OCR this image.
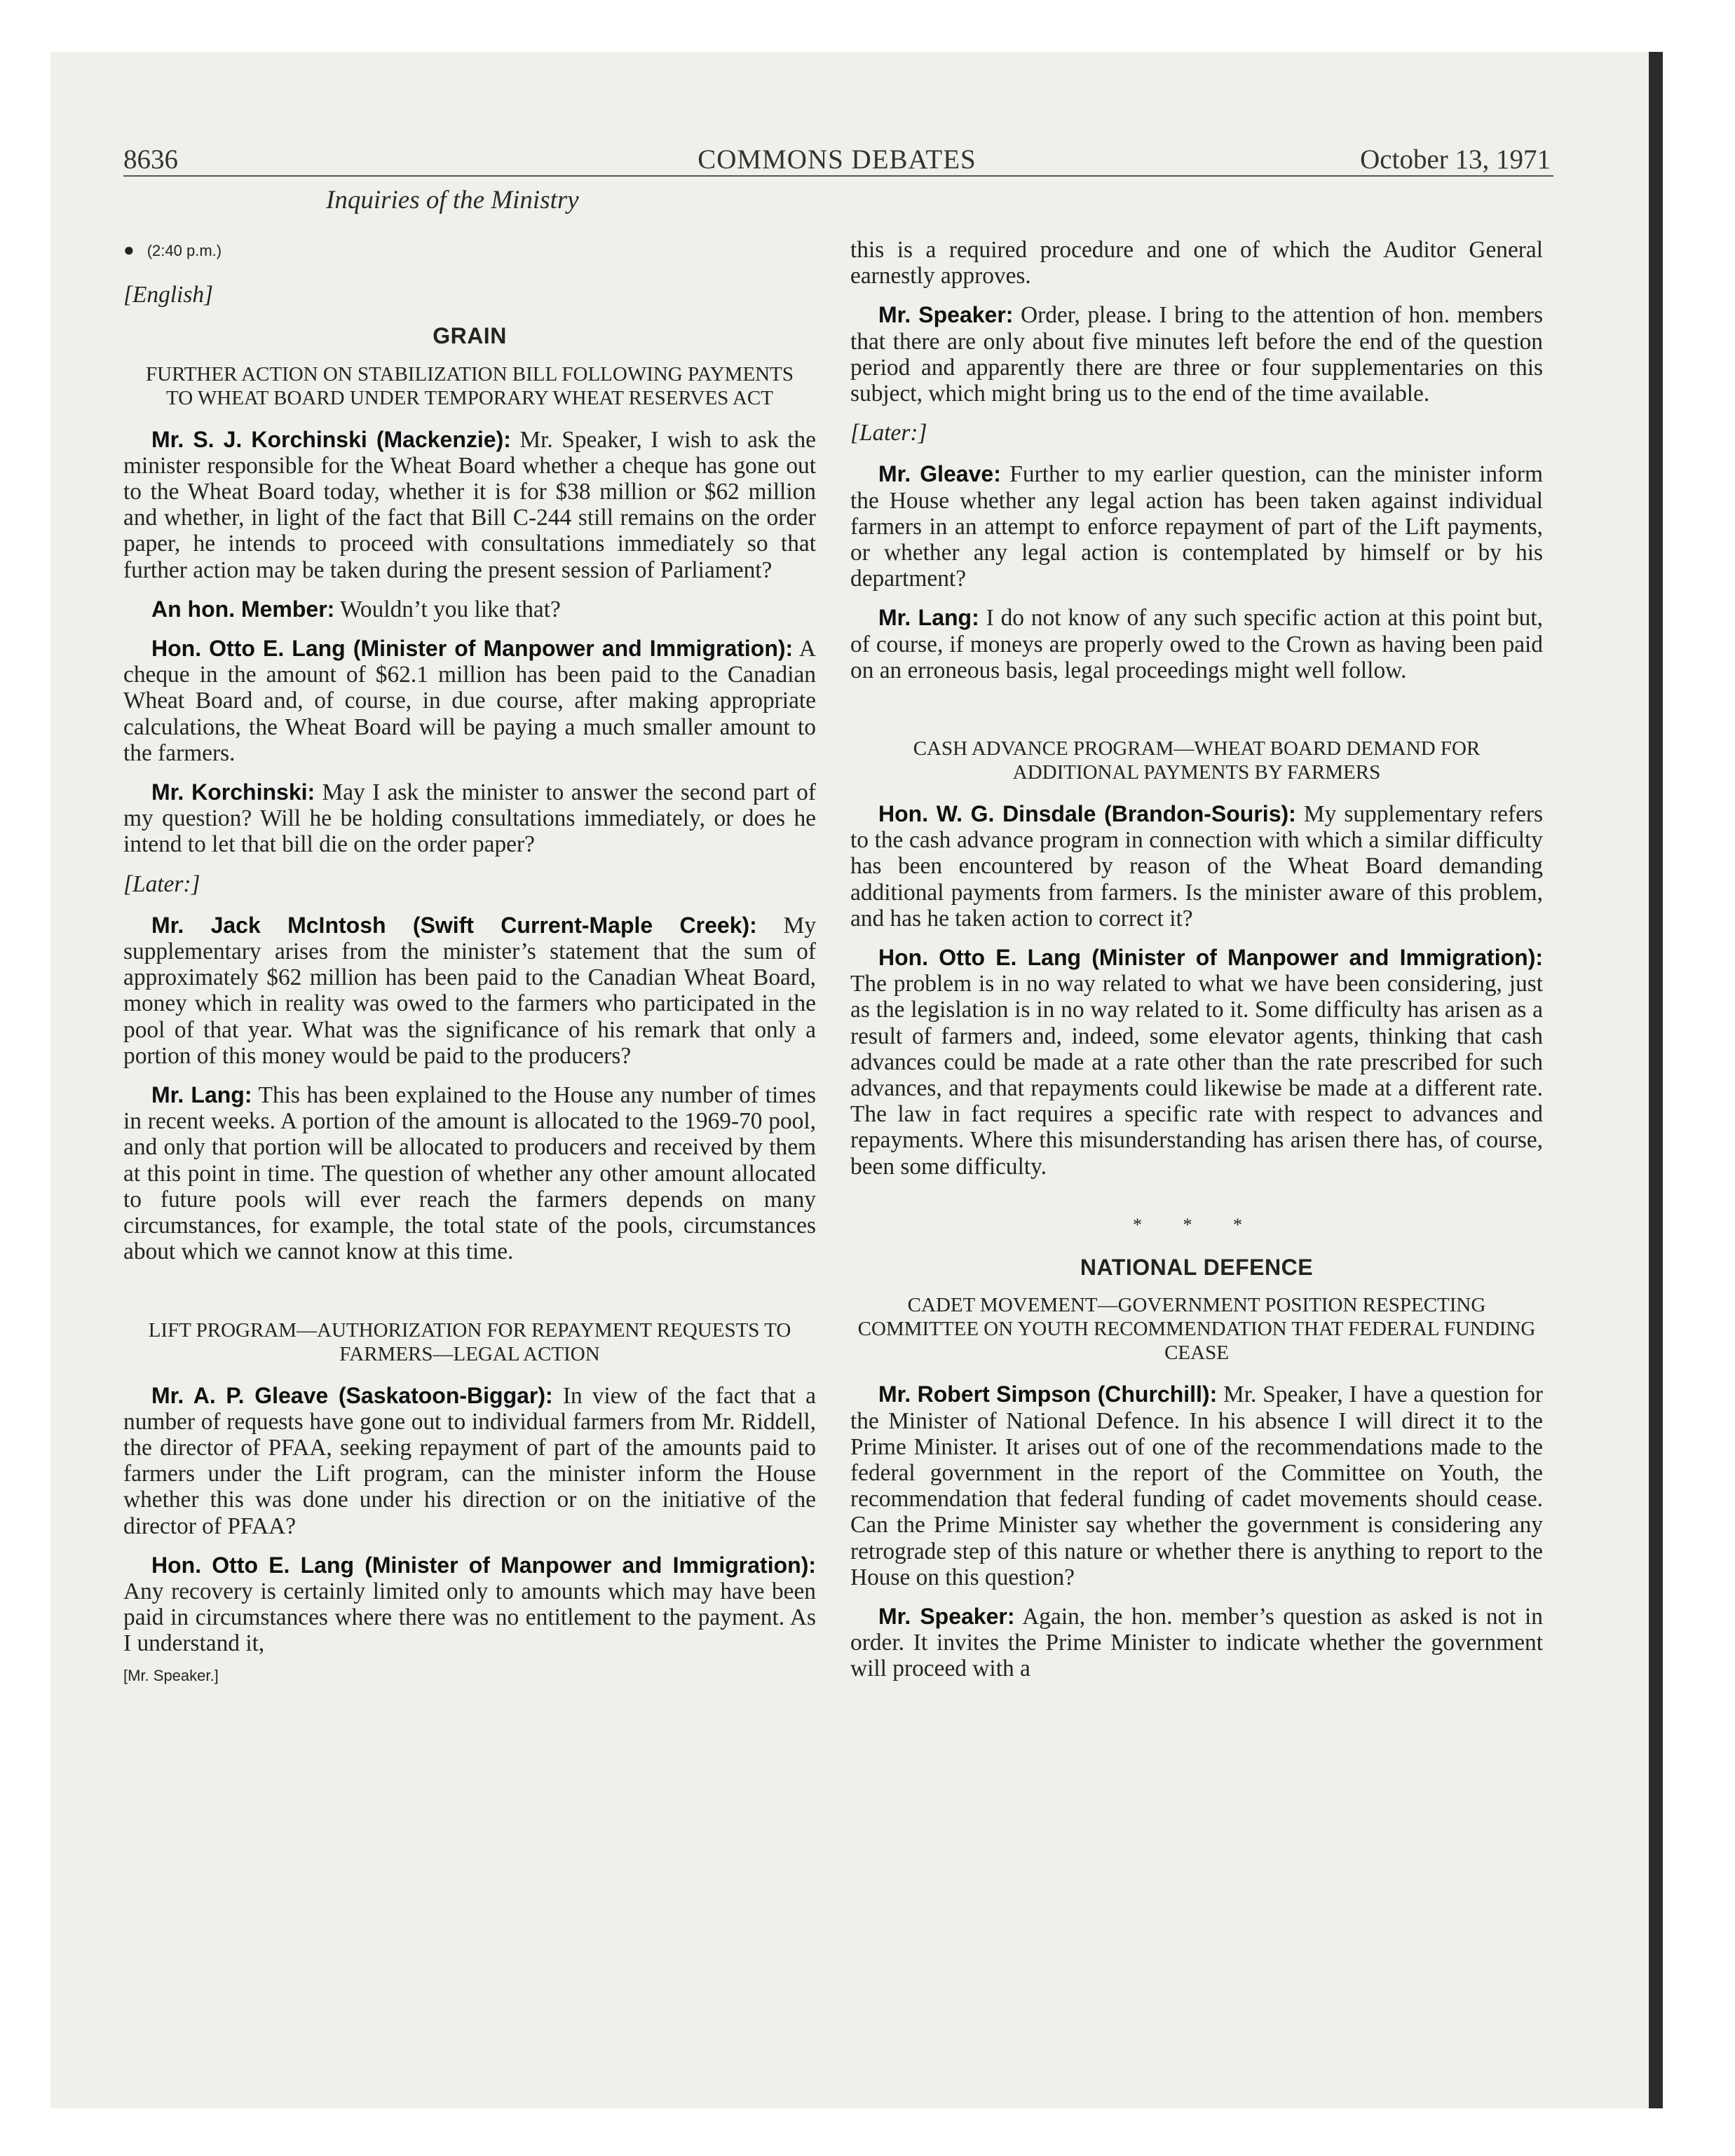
8636	COMMONS DEBATES	October 13, 1971
Inquiries of the Ministry
● (2:40 p.m.)
[English]
GRAIN
FURTHER ACTION ON STABILIZATION BILL FOLLOWING PAYMENTS TO WHEAT BOARD UNDER TEMPORARY WHEAT RESERVES ACT

Mr. S. J. Korchinski (Mackenzie): Mr. Speaker, I wish to ask the minister responsible for the Wheat Board whether a cheque has gone out to the Wheat Board today, whether it is for $38 million or $62 million and whether, in light of the fact that Bill C-244 still remains on the order paper, he intends to proceed with consultations immediately so that further action may be taken during the present session of Parliament?

An hon. Member: Wouldn’t you like that?

Hon. Otto E. Lang (Minister of Manpower and Immigration): A cheque in the amount of $62.1 million has been paid to the Canadian Wheat Board and, of course, in due course, after making appropriate calculations, the Wheat Board will be paying a much smaller amount to the farmers.

Mr. Korchinski: May I ask the minister to answer the second part of my question? Will he be holding consultations immediately, or does he intend to let that bill die on the order paper?

[Later:]

Mr. Jack McIntosh (Swift Current-Maple Creek): My supplementary arises from the minister’s statement that the sum of approximately $62 million has been paid to the Canadian Wheat Board, money which in reality was owed to the farmers who participated in the pool of that year. What was the significance of his remark that only a portion of this money would be paid to the producers?

Mr. Lang: This has been explained to the House any number of times in recent weeks. A portion of the amount is allocated to the 1969-70 pool, and only that portion will be allocated to producers and received by them at this point in time. The question of whether any other amount allocated to future pools will ever reach the farmers depends on many circumstances, for example, the total state of the pools, circumstances about which we cannot know at this time.

LIFT PROGRAM—AUTHORIZATION FOR REPAYMENT REQUESTS TO FARMERS—LEGAL ACTION

Mr. A. P. Gleave (Saskatoon-Biggar): In view of the fact that a number of requests have gone out to individual farmers from Mr. Riddell, the director of PFAA, seeking repayment of part of the amounts paid to farmers under the Lift program, can the minister inform the House whether this was done under his direction or on the initiative of the director of PFAA?

Hon. Otto E. Lang (Minister of Manpower and Immigration): Any recovery is certainly limited only to amounts which may have been paid in circumstances where there was no entitlement to the payment. As I understand it,

[Mr. Speaker.]

this is a required procedure and one of which the Auditor General earnestly approves.

Mr. Speaker: Order, please. I bring to the attention of hon. members that there are only about five minutes left before the end of the question period and apparently there are three or four supplementaries on this subject, which might bring us to the end of the time available.

[Later:]

Mr. Gleave: Further to my earlier question, can the minister inform the House whether any legal action has been taken against individual farmers in an attempt to enforce repayment of part of the Lift payments, or whether any legal action is contemplated by himself or by his department?

Mr. Lang: I do not know of any such specific action at this point but, of course, if moneys are properly owed to the Crown as having been paid on an erroneous basis, legal proceedings might well follow.

CASH ADVANCE PROGRAM—WHEAT BOARD DEMAND FOR ADDITIONAL PAYMENTS BY FARMERS

Hon. W. G. Dinsdale (Brandon-Souris): My supplementary refers to the cash advance program in connection with which a similar difficulty has been encountered by reason of the Wheat Board demanding additional payments from farmers. Is the minister aware of this problem, and has he taken action to correct it?

Hon. Otto E. Lang (Minister of Manpower and Immigration): The problem is in no way related to what we have been considering, just as the legislation is in no way related to it. Some difficulty has arisen as a result of farmers and, indeed, some elevator agents, thinking that cash advances could be made at a rate other than the rate prescribed for such advances, and that repayments could likewise be made at a different rate. The law in fact requires a specific rate with respect to advances and repayments. Where this misunderstanding has arisen there has, of course, been some difficulty.

* * *
NATIONAL DEFENCE
CADET MOVEMENT—GOVERNMENT POSITION RESPECTING COMMITTEE ON YOUTH RECOMMENDATION THAT FEDERAL FUNDING CEASE

Mr. Robert Simpson (Churchill): Mr. Speaker, I have a question for the Minister of National Defence. In his absence I will direct it to the Prime Minister. It arises out of one of the recommendations made to the federal government in the report of the Committee on Youth, the recommendation that federal funding of cadet movements should cease. Can the Prime Minister say whether the government is considering any retrograde step of this nature or whether there is anything to report to the House on this question?

Mr. Speaker: Again, the hon. member’s question as asked is not in order. It invites the Prime Minister to indicate whether the government will proceed with a
